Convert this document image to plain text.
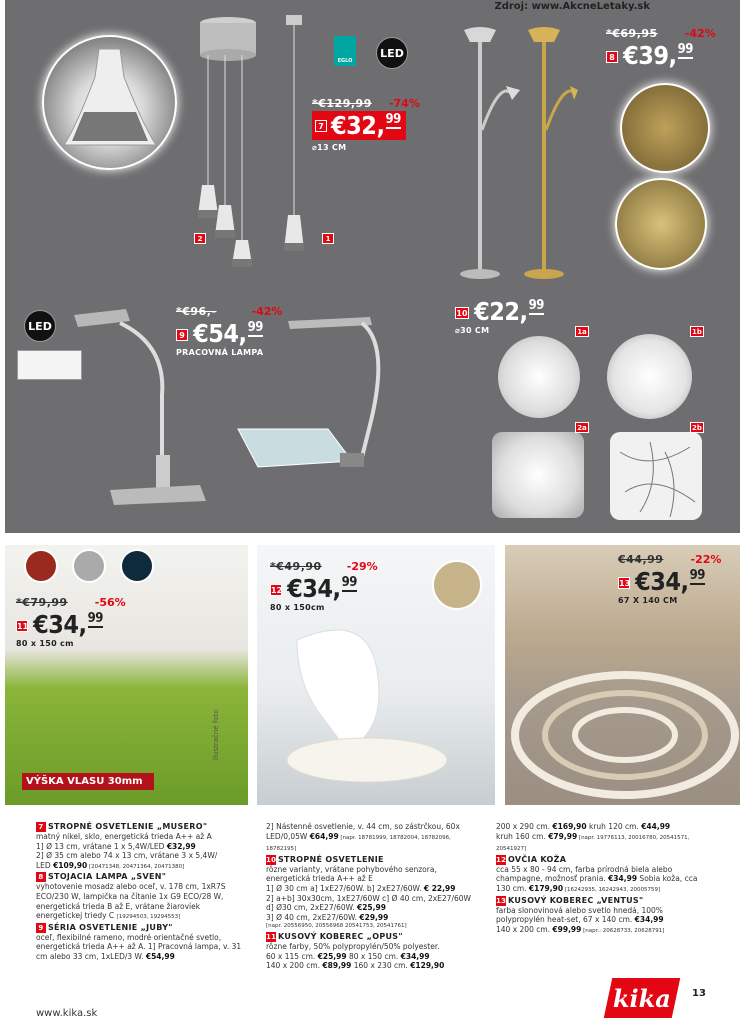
Zdroj: www.AkcneLetaky.sk
2	1
EGLO
LED
*€129,99 -74%
7 €32,99
⌀13 CM
*€69,95 -42%
8 €39,99
LED
*€96,-	-42%
9 €54,99
PRACOVNÁ LAMPA
10 €22,99
⌀30 CM	1a	1b
2a	2b
*€79,99 -56%
11 €34,99
80 x 150 cm
VÝŠKA VLASU 30mm
Ilustračné foto
*€49,90 -29%
12 €34,99
80 x 150cm
€44,99 -22%
13 €34,99
67 X 140 CM
7 STROPNÉ OSVETLENIE „MUSERO"
matný nikel, sklo, energetická trieda A++ až A
1] Ø 13 cm, vrátane 1 x 5,4W/LED €32,99
2] Ø 35 cm alebo 74 x 13 cm, vrátane 3 x 5,4W/
LED €109,90 [20471348, 20471364, 20471380]
8 STOJACIA LAMPA „SVEN"
vyhotovenie mosadz alebo oceľ, v. 178 cm, 1xR7S ECO/230 W, lampička na čítanie 1x G9 ECO/28 W, energetická trieda B až E, vrátane žiarovíek energetickej triedy C [19294503, 19294553]
9 SÉRIA OSVETLENIE „JUBY"
oceľ, flexibilné rameno, modré orientačné svetlo, energetická trieda A++ až A. 1] Pracovná lampa, v. 31 cm alebo 33 cm, 1xLED/3 W. €54,99
2] Nástenné osvetlenie, v. 44 cm, so zástrčkou, 60x LED/0,05W €64,99 [napr. 18781999, 18782004, 18782096, 18782195]
10 STROPNÉ OSVETLENIE
rôzne varianty, vrátane pohybového senzora, energetická trieda A++ až E
1] Ø 30 cm a] 1xE27/60W. b] 2xE27/60W. € 22,99
2] a+b] 30x30cm, 1xE27/60W c] Ø 40 cm, 2xE27/60W d] Ø30 cm, 2xE27/60W. €25,99
3] Ø 40 cm, 2xE27/60W. €29,99
[napr. 20556950, 20556968 20541753, 20541761]
11 KUSOVÝ KOBEREC „OPUS"
rôzne farby, 50% polypropylén/50% polyester.
60 x 115 cm. €25,99 80 x 150 cm. €34,99
140 x 200 cm. €89,99 160 x 230 cm. €129,90
200 x 290 cm. €169,90 kruh 120 cm. €44,99
kruh 160 cm. €79,99 [napr. 19776113, 20016780, 20541571, 20541927]
12 OVČIA KOŽA
cca 55 x 80 - 94 cm, farba prírodná biela alebo champagne, možnosť prania. €34,99 Sobia koža, cca 130 cm. €179,90 [16242935, 16242943, 20005759]
13 KUSOVÝ KOBEREC „VENTUS"
farba slonovinová alebo svetlo hnedá, 100% polypropylén heat-set, 67 x 140 cm. €34,99
140 x 200 cm. €99,99 [napr.: 20628733, 20628791]
www.kika.sk
kika 13
